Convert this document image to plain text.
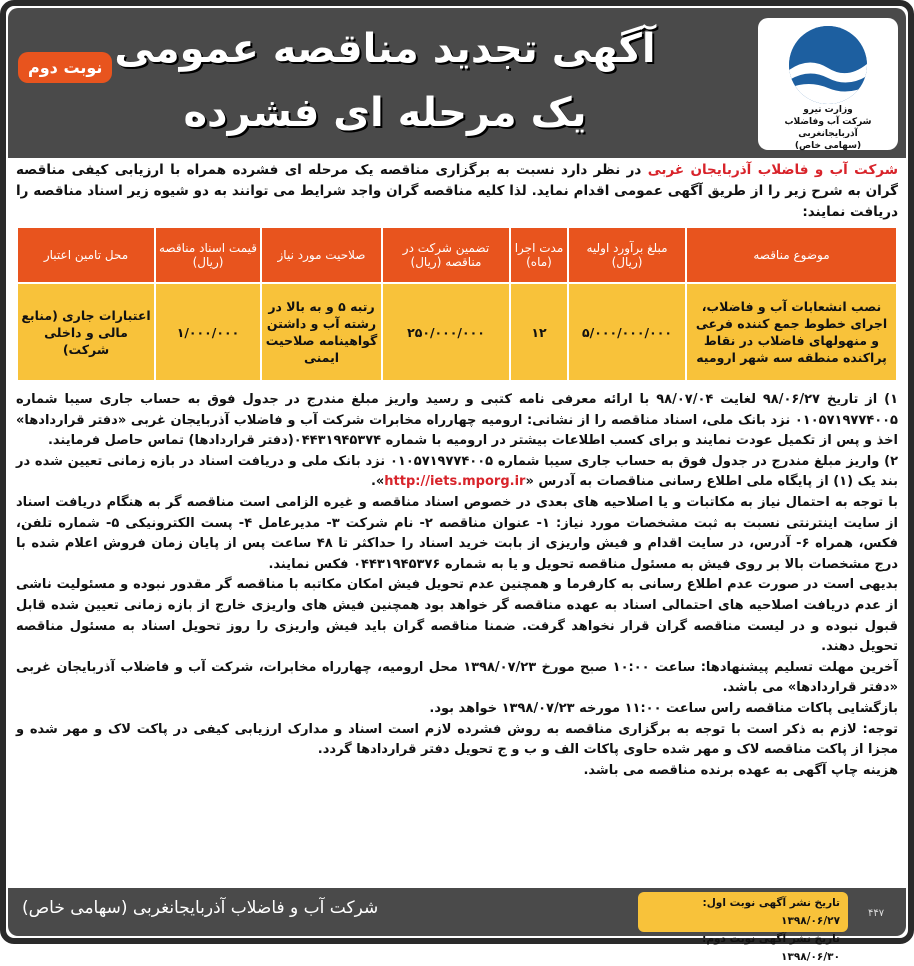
آگهی تجدید مناقصه عمومی
یک مرحله ای فشرده
نوبت دوم
وزارت نیرو
شرکت آب وفاضلاب آذربایجانغربی
(سهامی خاص)
شرکت آب و فاضلاب آذربایجان غربی در نظر دارد نسبت به برگزاری مناقصه یک مرحله ای فشرده همراه با ارزیابی کیفی مناقصه گران به شرح زیر را از طریق آگهی عمومی اقدام نماید. لذا کلیه مناقصه گران واجد شرایط می توانند به دو شیوه زیر اسناد مناقصه را دریافت نمایند:
موضوع مناقصه	مبلغ برآورد اولیه (ریال)	مدت اجرا (ماه)	تضمین شرکت در مناقصه (ریال)	صلاحیت مورد نیاز	قیمت اسناد مناقصه (ریال)	محل تامین اعتبار
نصب انشعابات آب و فاضلاب، اجرای خطوط جمع کننده فرعی و منهولهای فاضلاب در نقاط پراکنده منطقه سه شهر ارومیه	۵/۰۰۰/۰۰۰/۰۰۰	۱۲	۲۵۰/۰۰۰/۰۰۰	رتبه ۵ و به بالا در رشته آب و داشتن گواهینامه صلاحیت ایمنی	۱/۰۰۰/۰۰۰	اعتبارات جاری (منابع مالی و داخلی شرکت)

۱) از تاریخ ۹۸/۰۶/۲۷ لغایت ۹۸/۰۷/۰۴ با ارائه معرفی نامه کتبی و رسید واریز مبلغ مندرج در جدول فوق به حساب جاری سیبا شماره ۰۱۰۵۷۱۹۷۷۴۰۰۵ نزد بانک ملی، اسناد مناقصه را از نشانی: ارومیه چهارراه مخابرات شرکت آب و فاضلاب آذربایجان غربی «دفتر قراردادها» اخذ و پس از تکمیل عودت نمایند و برای کسب اطلاعات بیشتر در ارومیه با شماره ۰۴۴۳۱۹۴۵۳۷۴(دفتر قراردادها) تماس حاصل فرمایند.

۲) واریز مبلغ مندرج در جدول فوق به حساب جاری سیبا شماره ۰۱۰۵۷۱۹۷۷۴۰۰۵ نزد بانک ملی و دریافت اسناد در بازه زمانی تعیین شده در بند یک (۱) از پایگاه ملی اطلاع رسانی مناقصات به آدرس «http://iets.mporg.ir».

با توجه به احتمال نیاز به مکاتبات و یا اصلاحیه های بعدی در خصوص اسناد مناقصه و غیره الزامی است مناقصه گر به هنگام دریافت اسناد از سایت اینترنتی نسبت به ثبت مشخصات مورد نیاز: ۱- عنوان مناقصه ۲- نام شرکت ۳- مدیرعامل ۴- پست الکترونیکی ۵- شماره تلفن، فکس، همراه ۶- آدرس، در سایت اقدام و فیش واریزی از بابت خرید اسناد را حداکثر تا ۴۸ ساعت پس از پایان زمان فروش اعلام شده با درج مشخصات بالا بر روی فیش به مسئول مناقصه تحویل و یا به شماره ۰۴۴۳۱۹۴۵۳۷۶ فکس نمایند.

بدیهی است در صورت عدم اطلاع رسانی به کارفرما و همچنین عدم تحویل فیش امکان مکاتبه با مناقصه گر مقدور نبوده و مسئولیت ناشی از عدم دریافت اصلاحیه های احتمالی اسناد به عهده مناقصه گر خواهد بود همچنین فیش های واریزی خارج از بازه زمانی تعیین شده قابل قبول نبوده و در لیست مناقصه گران قرار نخواهد گرفت. ضمنا مناقصه گران باید فیش واریزی را روز تحویل اسناد به مسئول مناقصه تحویل دهند.

آخرین مهلت تسلیم پیشنهادها: ساعت ۱۰:۰۰ صبح مورخ ۱۳۹۸/۰۷/۲۳ محل ارومیه، چهارراه مخابرات، شرکت آب و فاضلاب آذربایجان غربی «دفتر قراردادها» می باشد.

بازگشایی پاکات مناقصه راس ساعت ۱۱:۰۰ مورخه ۱۳۹۸/۰۷/۲۳ خواهد بود.

توجه: لازم به ذکر است با توجه به برگزاری مناقصه به روش فشرده لازم است اسناد و مدارک ارزیابی کیفی در پاکت لاک و مهر شده و مجزا از پاکت مناقصه لاک و مهر شده حاوی پاکات الف و ب و ج تحویل دفتر قراردادها گردد.

هزینه چاپ آگهی به عهده برنده مناقصه می باشد.

شرکت آب و فاضلاب آذربایجانغربی (سهامی خاص)	تاریخ نشر آگهی نوبت اول: ۱۳۹۸/۰۶/۲۷
تاریخ نشر آگهی نوبت دوم: ۱۳۹۸/۰۶/۳۰
۴۴۷
